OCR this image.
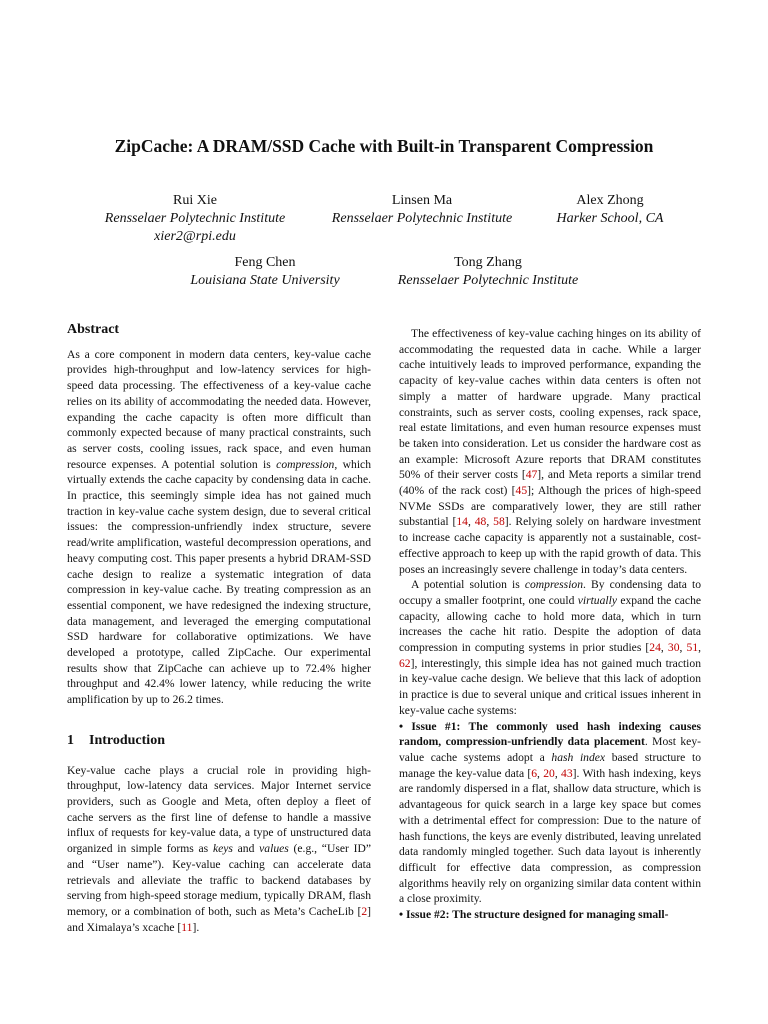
ZipCache: A DRAM/SSD Cache with Built-in Transparent Compression
Rui Xie
Rensselaer Polytechnic Institute
xier2@rpi.edu
Linsen Ma
Rensselaer Polytechnic Institute
Alex Zhong
Harker School, CA
Feng Chen
Louisiana State University
Tong Zhang
Rensselaer Polytechnic Institute
Abstract

As a core component in modern data centers, key-value cache provides high-throughput and low-latency services for high-speed data processing. The effectiveness of a key-value cache relies on its ability of accommodating the needed data. However, expanding the cache capacity is often more difficult than commonly expected because of many practical constraints, such as server costs, cooling issues, rack space, and even human resource expenses. A potential solution is compression, which virtually extends the cache capacity by condensing data in cache. In practice, this seemingly simple idea has not gained much traction in key-value cache system design, due to several critical issues: the compression-unfriendly index structure, severe read/write amplification, wasteful decompression operations, and heavy computing cost. This paper presents a hybrid DRAM-SSD cache design to realize a systematic integration of data compression in key-value cache. By treating compression as an essential component, we have redesigned the indexing structure, data management, and leveraged the emerging computational SSD hardware for collaborative optimizations. We have developed a prototype, called ZipCache. Our experimental results show that ZipCache can achieve up to 72.4% higher throughput and 42.4% lower latency, while reducing the write amplification by up to 26.2 times.

1 Introduction

Key-value cache plays a crucial role in providing high-throughput, low-latency data services. Major Internet service providers, such as Google and Meta, often deploy a fleet of cache servers as the first line of defense to handle a massive influx of requests for key-value data, a type of unstructured data organized in simple forms as keys and values (e.g., “User ID” and “User name”). Key-value caching can accelerate data retrievals and alleviate the traffic to backend databases by serving from high-speed storage medium, typically DRAM, flash memory, or a combination of both, such as Meta’s CacheLib [2] and Ximalaya’s xcache [11].

The effectiveness of key-value caching hinges on its ability of accommodating the requested data in cache. While a larger cache intuitively leads to improved performance, expanding the capacity of key-value caches within data centers is often not simply a matter of hardware upgrade. Many practical constraints, such as server costs, cooling expenses, rack space, real estate limitations, and even human resource expenses must be taken into consideration. Let us consider the hardware cost as an example: Microsoft Azure reports that DRAM constitutes 50% of their server costs [47], and Meta reports a similar trend (40% of the rack cost) [45]; Although the prices of high-speed NVMe SSDs are comparatively lower, they are still rather substantial [14, 48, 58]. Relying solely on hardware investment to increase cache capacity is apparently not a sustainable, cost-effective approach to keep up with the rapid growth of data. This poses an increasingly severe challenge in today’s data centers.

A potential solution is compression. By condensing data to occupy a smaller footprint, one could virtually expand the cache capacity, allowing cache to hold more data, which in turn increases the cache hit ratio. Despite the adoption of data compression in computing systems in prior studies [24, 30, 51, 62], interestingly, this simple idea has not gained much traction in key-value cache design. We believe that this lack of adoption in practice is due to several unique and critical issues inherent in key-value cache systems:

• Issue #1: The commonly used hash indexing causes random, compression-unfriendly data placement. Most key-value cache systems adopt a hash index based structure to manage the key-value data [6, 20, 43]. With hash indexing, keys are randomly dispersed in a flat, shallow data structure, which is advantageous for quick search in a large key space but comes with a detrimental effect for compression: Due to the nature of hash functions, the keys are evenly distributed, leaving unrelated data randomly mingled together. Such data layout is inherently difficult for effective data compression, as compression algorithms heavily rely on organizing similar data content within a close proximity.

• Issue #2: The structure designed for managing small-
